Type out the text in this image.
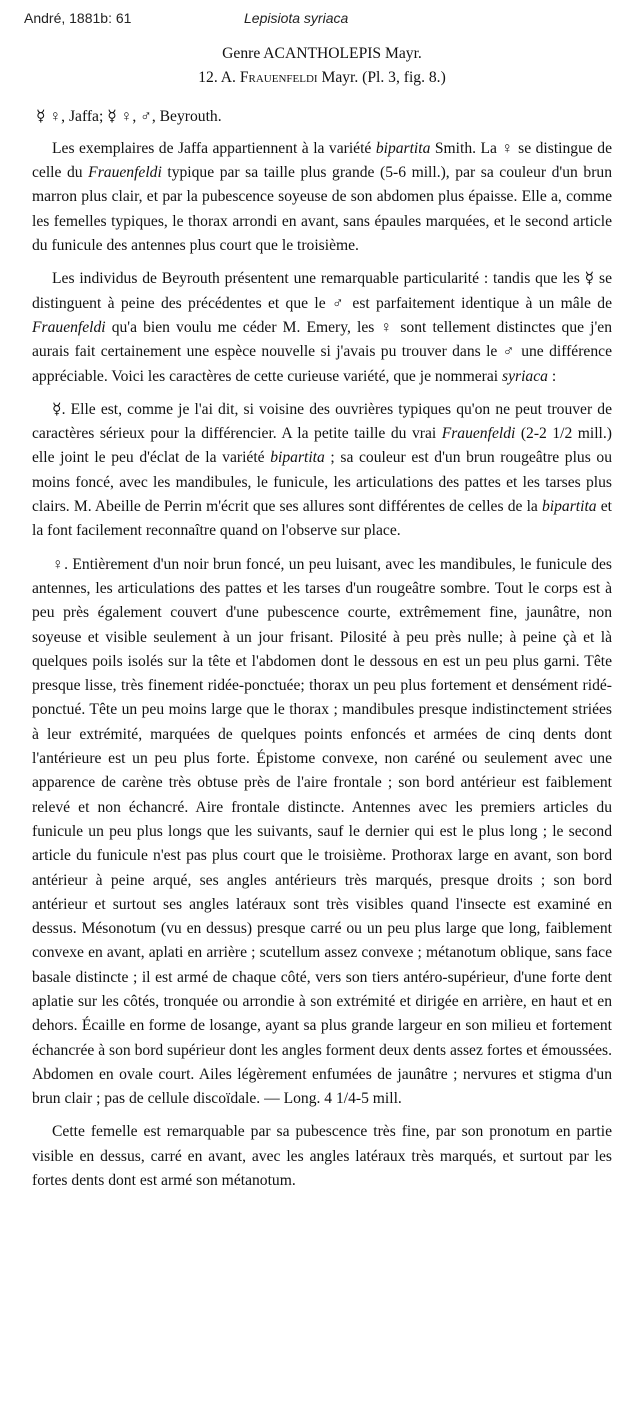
André, 1881b: 61	Lepisiota syriaca

Genre ACANTHOLEPIS Mayr.

12. A. Frauenfeldi Mayr. (Pl. 3, fig. 8.)

☿ ♀, Jaffa; ☿ ♀, ♂, Beyrouth.

Les exemplaires de Jaffa appartiennent à la variété bipartita Smith. La ♀ se distingue de celle du Frauenfeldi typique par sa taille plus grande (5-6 mill.), par sa couleur d'un brun marron plus clair, et par la pubescence soyeuse de son abdomen plus épaisse. Elle a, comme les femelles typiques, le thorax arrondi en avant, sans épaules marquées, et le second article du funicule des antennes plus court que le troisième.

Les individus de Beyrouth présentent une remarquable particularité : tandis que les ☿ se distinguent à peine des précédentes et que le ♂ est parfaitement identique à un mâle de Frauenfeldi qu'a bien voulu me céder M. Emery, les ♀ sont tellement distinctes que j'en aurais fait certainement une espèce nouvelle si j'avais pu trouver dans le ♂ une différence appréciable. Voici les caractères de cette curieuse variété, que je nommerai syriaca :

☿. Elle est, comme je l'ai dit, si voisine des ouvrières typiques qu'on ne peut trouver de caractères sérieux pour la différencier. A la petite taille du vrai Frauenfeldi (2-2 1/2 mill.) elle joint le peu d'éclat de la variété bipartita ; sa couleur est d'un brun rougeâtre plus ou moins foncé, avec les mandibules, le funicule, les articulations des pattes et les tarses plus clairs. M. Abeille de Perrin m'écrit que ses allures sont différentes de celles de la bipartita et la font facilement reconnaître quand on l'observe sur place.

♀. Entièrement d'un noir brun foncé, un peu luisant, avec les mandibules, le funicule des antennes, les articulations des pattes et les tarses d'un rougeâtre sombre. Tout le corps est à peu près également couvert d'une pubescence courte, extrêmement fine, jaunâtre, non soyeuse et visible seulement à un jour frisant. Pilosité à peu près nulle; à peine çà et là quelques poils isolés sur la tête et l'abdomen dont le dessous en est un peu plus garni. Tête presque lisse, très finement ridée-ponctuée; thorax un peu plus fortement et densément ridé-ponctué. Tête un peu moins large que le thorax ; mandibules presque indistinctement striées à leur extrémité, marquées de quelques points enfoncés et armées de cinq dents dont l'antérieure est un peu plus forte. Épistome convexe, non caréné ou seulement avec une apparence de carène très obtuse près de l'aire frontale ; son bord antérieur est faiblement relevé et non échancré. Aire frontale distincte. Antennes avec les premiers articles du funicule un peu plus longs que les suivants, sauf le dernier qui est le plus long ; le second article du funicule n'est pas plus court que le troisième. Prothorax large en avant, son bord antérieur à peine arqué, ses angles antérieurs très marqués, presque droits ; son bord antérieur et surtout ses angles latéraux sont très visibles quand l'insecte est examiné en dessus. Mésonotum (vu en dessus) presque carré ou un peu plus large que long, faiblement convexe en avant, aplati en arrière ; scutellum assez convexe ; métanotum oblique, sans face basale distincte ; il est armé de chaque côté, vers son tiers antéro-supérieur, d'une forte dent aplatie sur les côtés, tronquée ou arrondie à son extrémité et dirigée en arrière, en haut et en dehors. Écaille en forme de losange, ayant sa plus grande largeur en son milieu et fortement échancrée à son bord supérieur dont les angles forment deux dents assez fortes et émoussées. Abdomen en ovale court. Ailes légèrement enfumées de jaunâtre ; nervures et stigma d'un brun clair ; pas de cellule discoïdale. — Long. 4 1/4-5 mill.

Cette femelle est remarquable par sa pubescence très fine, par son pronotum en partie visible en dessus, carré en avant, avec les angles latéraux très marqués, et surtout par les fortes dents dont est armé son métanotum.
